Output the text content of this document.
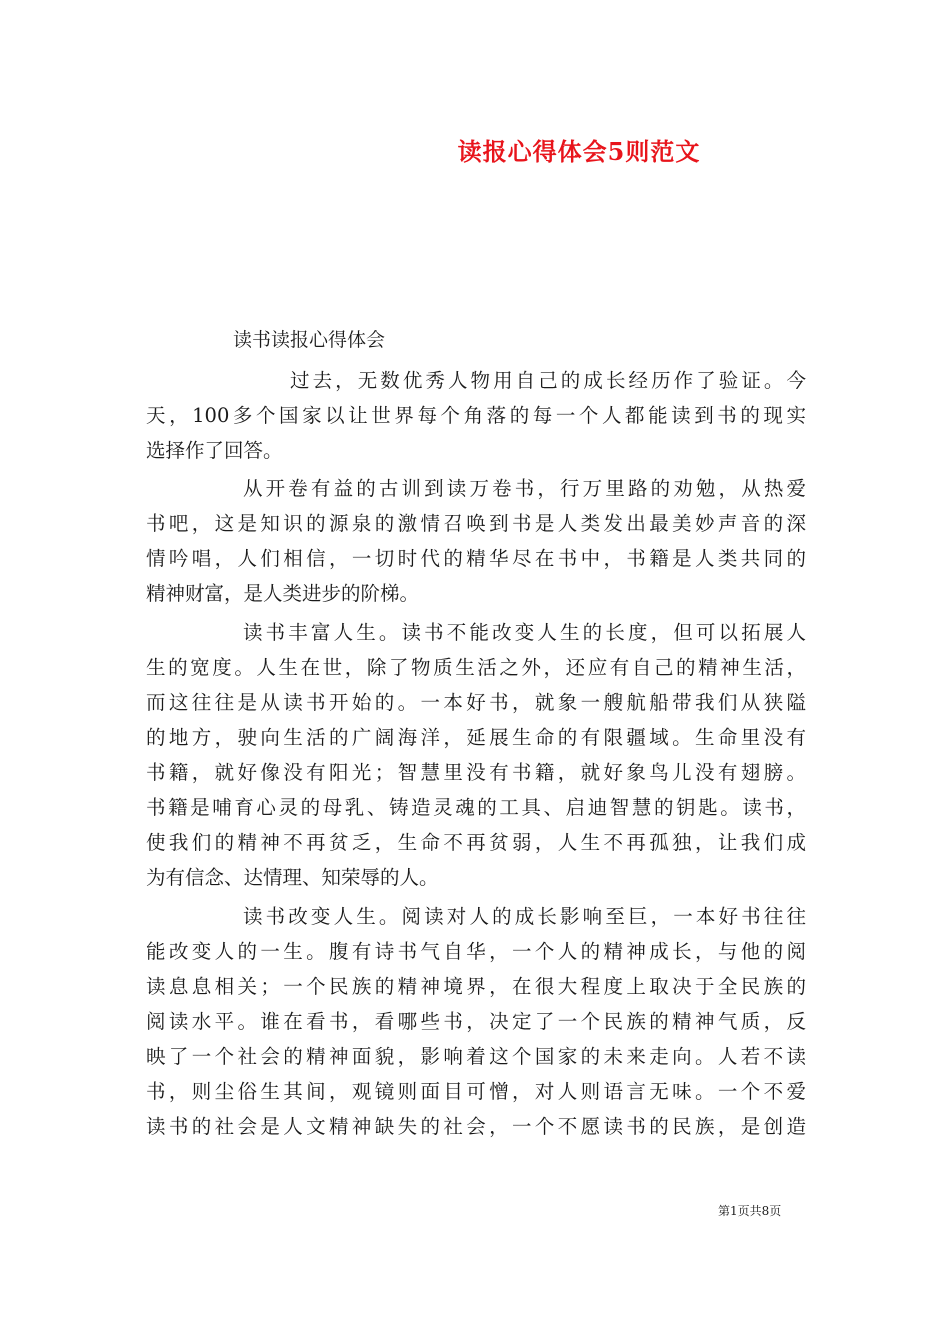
读报心得体会5则范文
读书读报心得体会
过去，无数优秀人物用自己的成长经历作了验证。今
天，100多个国家以让世界每个角落的每一个人都能读到书的现实
选择作了回答。
从开卷有益的古训到读万卷书，行万里路的劝勉，从热爱
书吧，这是知识的源泉的激情召唤到书是人类发出最美妙声音的深
情吟唱，人们相信，一切时代的精华尽在书中，书籍是人类共同的
精神财富，是人类进步的阶梯。
读书丰富人生。读书不能改变人生的长度，但可以拓展人
生的宽度。人生在世，除了物质生活之外，还应有自己的精神生活，
而这往往是从读书开始的。一本好书，就象一艘航船带我们从狭隘
的地方，驶向生活的广阔海洋，延展生命的有限疆域。生命里没有
书籍，就好像没有阳光；智慧里没有书籍，就好象鸟儿没有翅膀。
书籍是哺育心灵的母乳、铸造灵魂的工具、启迪智慧的钥匙。读书，
使我们的精神不再贫乏，生命不再贫弱，人生不再孤独，让我们成
为有信念、达情理、知荣辱的人。
读书改变人生。阅读对人的成长影响至巨，一本好书往往
能改变人的一生。腹有诗书气自华，一个人的精神成长，与他的阅
读息息相关；一个民族的精神境界，在很大程度上取决于全民族的
阅读水平。谁在看书，看哪些书，决定了一个民族的精神气质，反
映了一个社会的精神面貌，影响着这个国家的未来走向。人若不读
书，则尘俗生其间，观镜则面目可憎，对人则语言无味。一个不爱
读书的社会是人文精神缺失的社会，一个不愿读书的民族，是创造
第1页共8页
